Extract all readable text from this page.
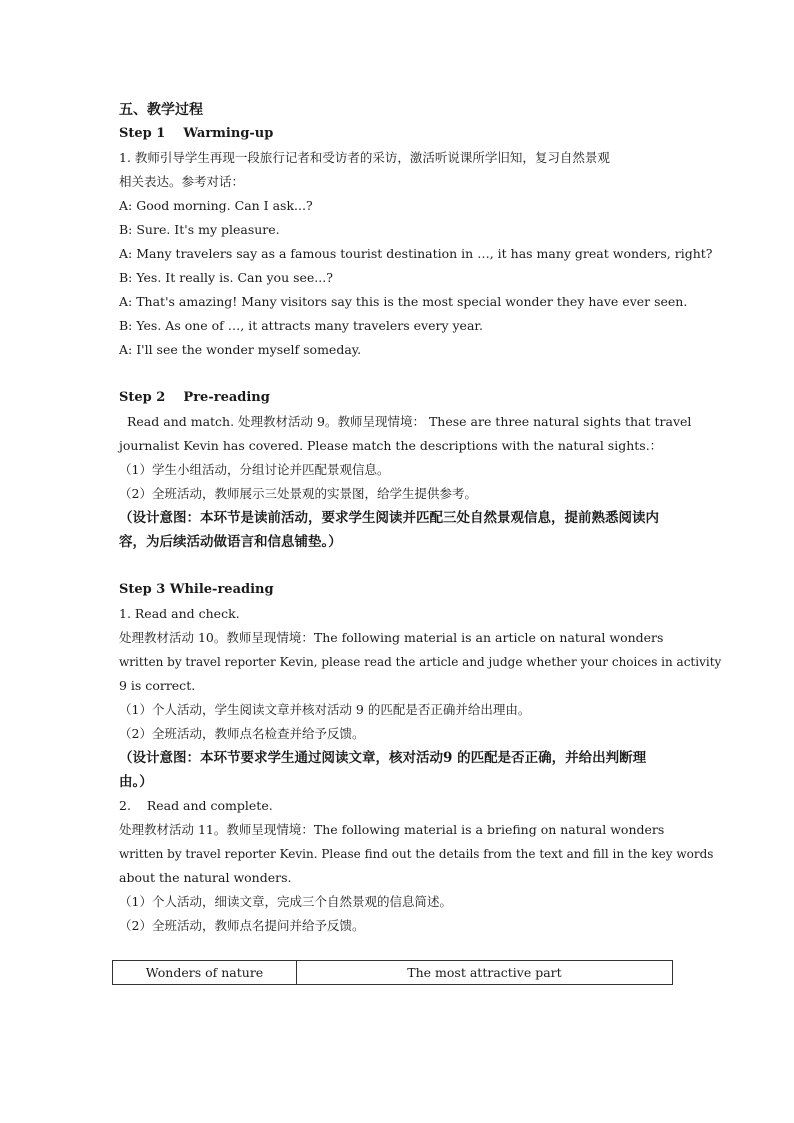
五、教学过程
Step 1    Warming-up
1. 教师引导学生再现一段旅行记者和受访者的采访，激活听说课所学旧知，复习自然景观
相关表达。参考对话：
A: Good morning. Can I ask...?
B: Sure. It's my pleasure.
A: Many travelers say as a famous tourist destination in …, it has many great wonders, right?
B: Yes. It really is. Can you see...?
A: That's amazing! Many visitors say this is the most special wonder they have ever seen.
B: Yes. As one of …, it attracts many travelers every year.
A: I'll see the wonder myself someday.
Step 2    Pre-reading
Read and match. 处理教材活动 9。教师呈现情境： These are three natural sights that travel
journalist Kevin has covered. Please match the descriptions with the natural sights.：
（1）学生小组活动，分组讨论并匹配景观信息。
（2）全班活动，教师展示三处景观的实景图，给学生提供参考。
（设计意图：本环节是读前活动，要求学生阅读并匹配三处自然景观信息，提前熟悉阅读内
容，为后续活动做语言和信息铺垫。）
Step 3 While-reading
1. Read and check.
处理教材活动 10。教师呈现情境：The following material is an article on natural wonders
written by travel reporter Kevin, please read the article and judge whether your choices in activity
9 is correct.
（1）个人活动，学生阅读文章并核对活动 9 的匹配是否正确并给出理由。
（2）全班活动，教师点名检查并给予反馈。
（设计意图：本环节要求学生通过阅读文章，核对活动9 的匹配是否正确，并给出判断理
由。）
2.    Read and complete.
处理教材活动 11。教师呈现情境：The following material is a briefing on natural wonders
written by travel reporter Kevin. Please find out the details from the text and fill in the key words
about the natural wonders.
（1）个人活动，细读文章，完成三个自然景观的信息简述。
（2）全班活动，教师点名提问并给予反馈。
Wonders of nature	The most attractive part
